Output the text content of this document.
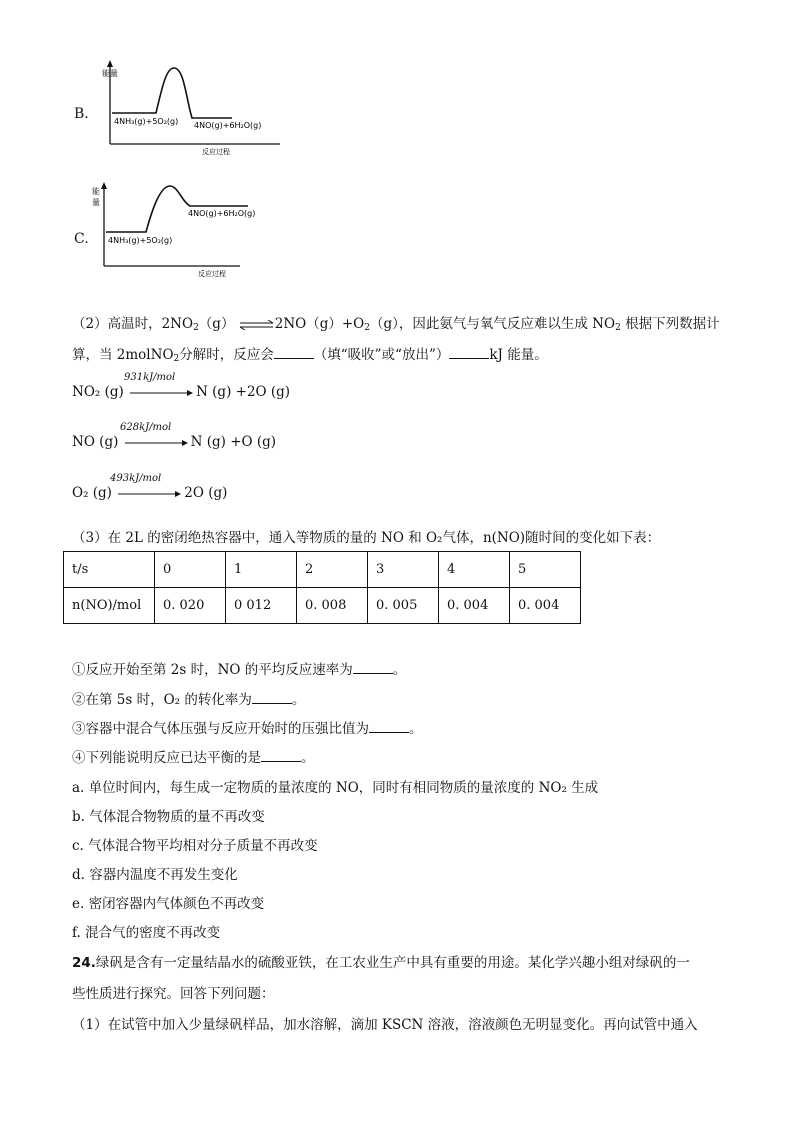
B.
能量
4NH₃(g)+5O₂(g) 4NO(g)+6H₂O(g)
反应过程
C.
能
量
4NH₃(g)+5O₂(g)
4NO(g)+6H₂O(g)
反应过程
（2）高温时，$2NO_2(g)$ $\rightleftharpoons 2NO(g)+O_2(g)$，因此氨气与氧气反应难以生成 $NO_2$ 根据下列数据计
算，当 2molNO$_2$分解时，反应会	（填“吸收”或“放出”）	kJ 能量。
NO₂ (g)	N (g) +2O (g)
931kJ/mol
NO (g)	N (g) +O (g)
628kJ/mol
O₂ (g)	2O (g)
493kJ/mol
（3）在 2L 的密闭绝热容器中，通入等物质的量的 NO 和 O₂气体，n(NO)随时间的变化如下表：
t/s	0	1	2	3	4	5
n(NO)/mol	0. 020	0 012	0. 008	0. 005	0. 004	0. 004
①反应开始至第 2s 时，NO 的平均反应速率为	。
②在第 5s 时，O₂ 的转化率为	。
③容器中混合气体压强与反应开始时的压强比值为	。
④下列能说明反应已达平衡的是	。
a. 单位时间内，每生成一定物质的量浓度的 NO，同时有相同物质的量浓度的 NO₂ 生成
b. 气体混合物物质的量不再改变
c. 气体混合物平均相对分子质量不再改变
d. 容器内温度不再发生变化
e. 密闭容器内气体颜色不再改变
f. 混合气的密度不再改变
24.绿矾是含有一定量结晶水的硫酸亚铁，在工农业生产中具有重要的用途。某化学兴趣小组对绿矾的一
些性质进行探究。回答下列问题：
（1）在试管中加入少量绿矾样品，加水溶解，滴加 KSCN 溶液，溶液颜色无明显变化。再向试管中通入
